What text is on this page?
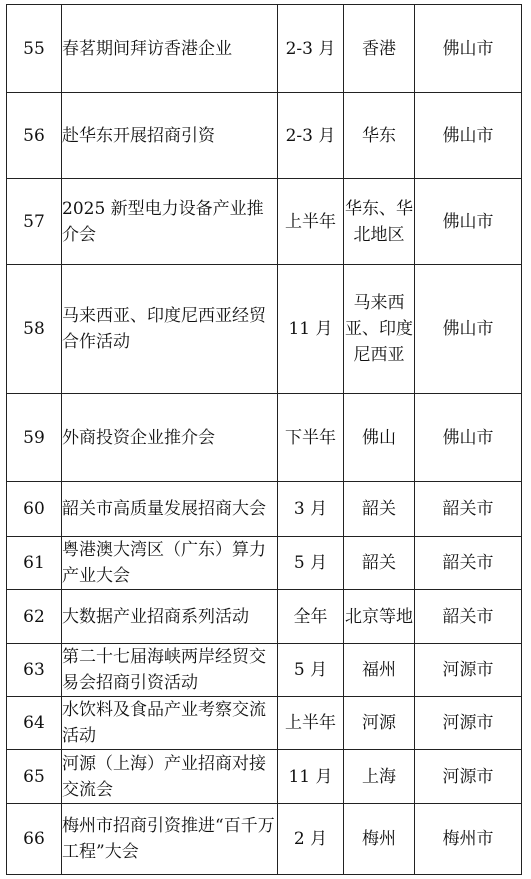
55	春茗期间拜访香港企业	2-3 月	香港	佛山市
56	赴华东开展招商引资	2-3 月	华东	佛山市
57	2025 新型电力设备产业推介会	上半年	华东、华北地区	佛山市
58	马来西亚、印度尼西亚经贸合作活动	11 月	马来西亚、印度尼西亚	佛山市
59	外商投资企业推介会	下半年	佛山	佛山市
60	韶关市高质量发展招商大会	3 月	韶关	韶关市
61	粤港澳大湾区（广东）算力产业大会	5 月	韶关	韶关市
62	大数据产业招商系列活动	全年	北京等地	韶关市
63	第二十七届海峡两岸经贸交易会招商引资活动	5 月	福州	河源市
64	水饮料及食品产业考察交流活动	上半年	河源	河源市
65	河源（上海）产业招商对接交流会	11 月	上海	河源市
66	梅州市招商引资推进“百千万工程”大会	2 月	梅州	梅州市
